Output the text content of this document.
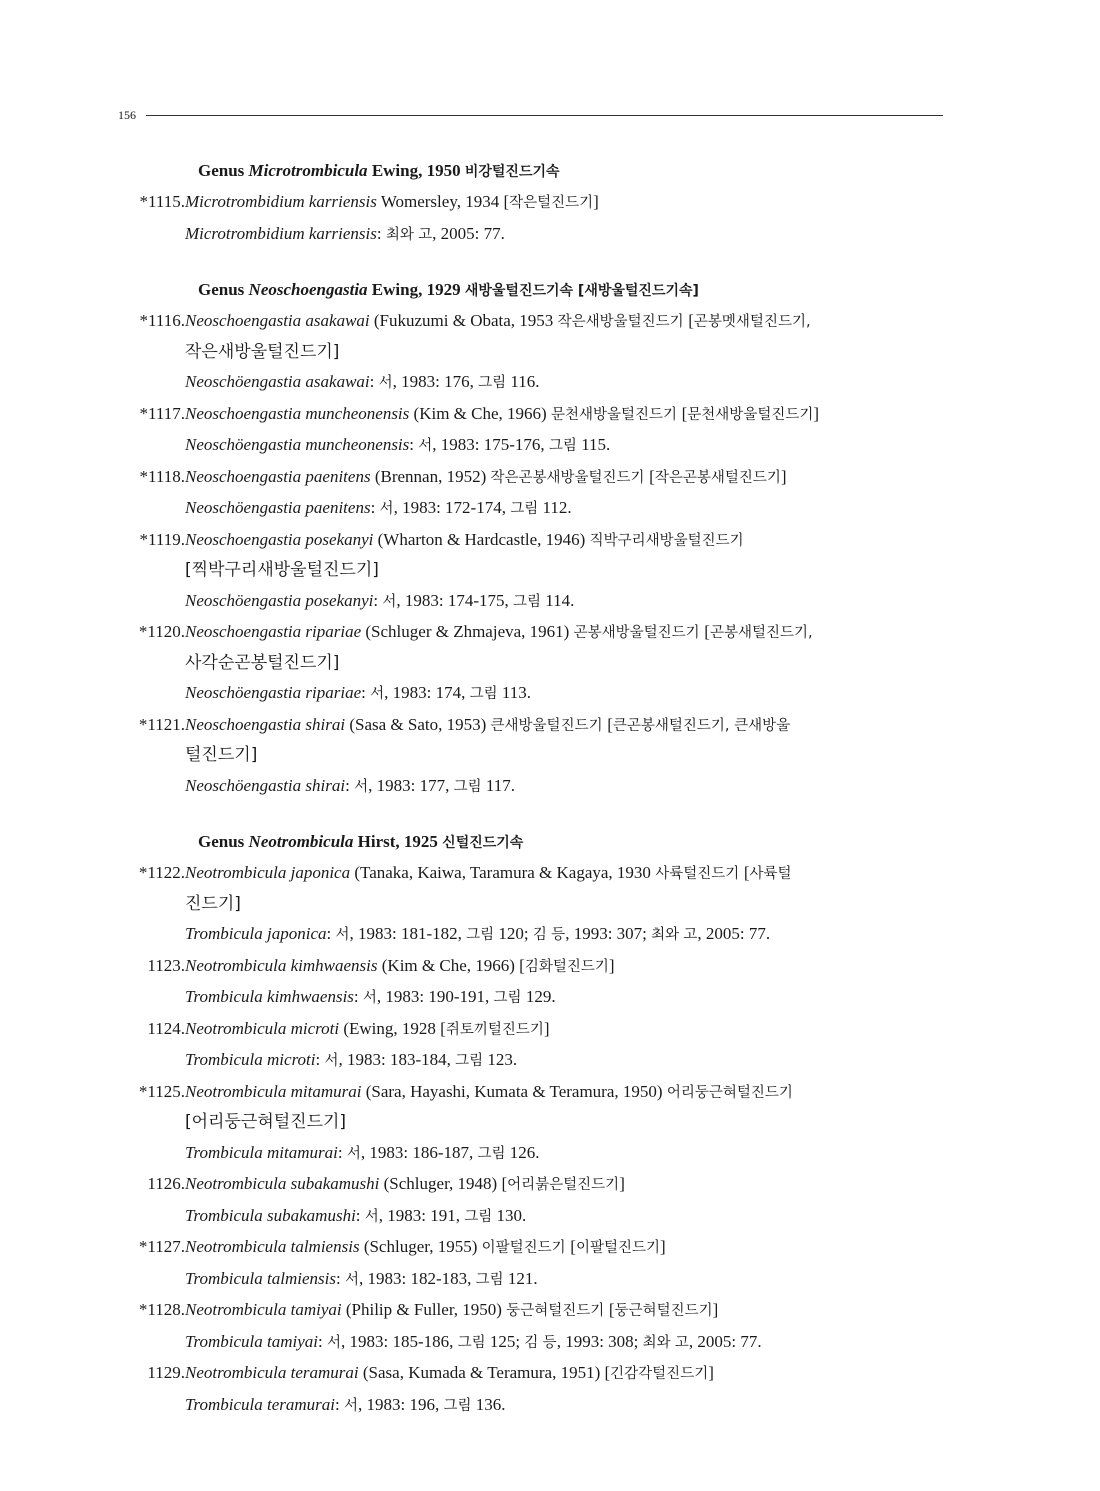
156
Genus Microtrombicula Ewing, 1950 비강털진드기속
*1115. Microtrombidium karriensis Womersley, 1934 [작은털진드기]
Microtrombidium karriensis: 최와 고, 2005: 77.
Genus Neoschoengastia Ewing, 1929 새방울털진드기속 [새방울털진드기속]
*1116. Neoschoengastia asakawai (Fukuzumi & Obata, 1953 작은새방울털진드기 [곤봉멧새털진드기,
작은새방울털진드기]
Neoschöengastia asakawai: 서, 1983: 176, 그림 116.
*1117. Neoschoengastia muncheonensis (Kim & Che, 1966) 문천새방울털진드기 [문천새방울털진드기]
Neoschöengastia muncheonensis: 서, 1983: 175-176, 그림 115.
*1118. Neoschoengastia paenitens (Brennan, 1952) 작은곤봉새방울털진드기 [작은곤봉새털진드기]
Neoschöengastia paenitens: 서, 1983: 172-174, 그림 112.
*1119. Neoschoengastia posekanyi (Wharton & Hardcastle, 1946) 직박구리새방울털진드기
[찍박구리새방울털진드기]
Neoschöengastia posekanyi: 서, 1983: 174-175, 그림 114.
*1120. Neoschoengastia ripariae (Schluger & Zhmajeva, 1961) 곤봉새방울털진드기 [곤봉새털진드기,
사각순곤봉털진드기]
Neoschöengastia ripariae: 서, 1983: 174, 그림 113.
*1121. Neoschoengastia shirai (Sasa & Sato, 1953) 큰새방울털진드기 [큰곤봉새털진드기, 큰새방울
털진드기]
Neoschöengastia shirai: 서, 1983: 177, 그림 117.
Genus Neotrombicula Hirst, 1925 신털진드기속
*1122. Neotrombicula japonica (Tanaka, Kaiwa, Taramura & Kagaya, 1930 사륙털진드기 [사륙털
진드기]
Trombicula japonica: 서, 1983: 181-182, 그림 120; 김 등, 1993: 307; 최와 고, 2005: 77.
1123. Neotrombicula kimhwaensis (Kim & Che, 1966) [김화털진드기]
Trombicula kimhwaensis: 서, 1983: 190-191, 그림 129.
1124. Neotrombicula microti (Ewing, 1928 [쥐토끼털진드기]
Trombicula microti: 서, 1983: 183-184, 그림 123.
*1125. Neotrombicula mitamurai (Sara, Hayashi, Kumata & Teramura, 1950) 어리둥근혀털진드기
[어리둥근혀털진드기]
Trombicula mitamurai: 서, 1983: 186-187, 그림 126.
1126. Neotrombicula subakamushi (Schluger, 1948) [어리붉은털진드기]
Trombicula subakamushi: 서, 1983: 191, 그림 130.
*1127. Neotrombicula talmiensis (Schluger, 1955) 이팔털진드기 [이팔털진드기]
Trombicula talmiensis: 서, 1983: 182-183, 그림 121.
*1128. Neotrombicula tamiyai (Philip & Fuller, 1950) 둥근혀털진드기 [둥근혀털진드기]
Trombicula tamiyai: 서, 1983: 185-186, 그림 125; 김 등, 1993: 308; 최와 고, 2005: 77.
1129. Neotrombicula teramurai (Sasa, Kumada & Teramura, 1951) [긴감각털진드기]
Trombicula teramurai: 서, 1983: 196, 그림 136.
